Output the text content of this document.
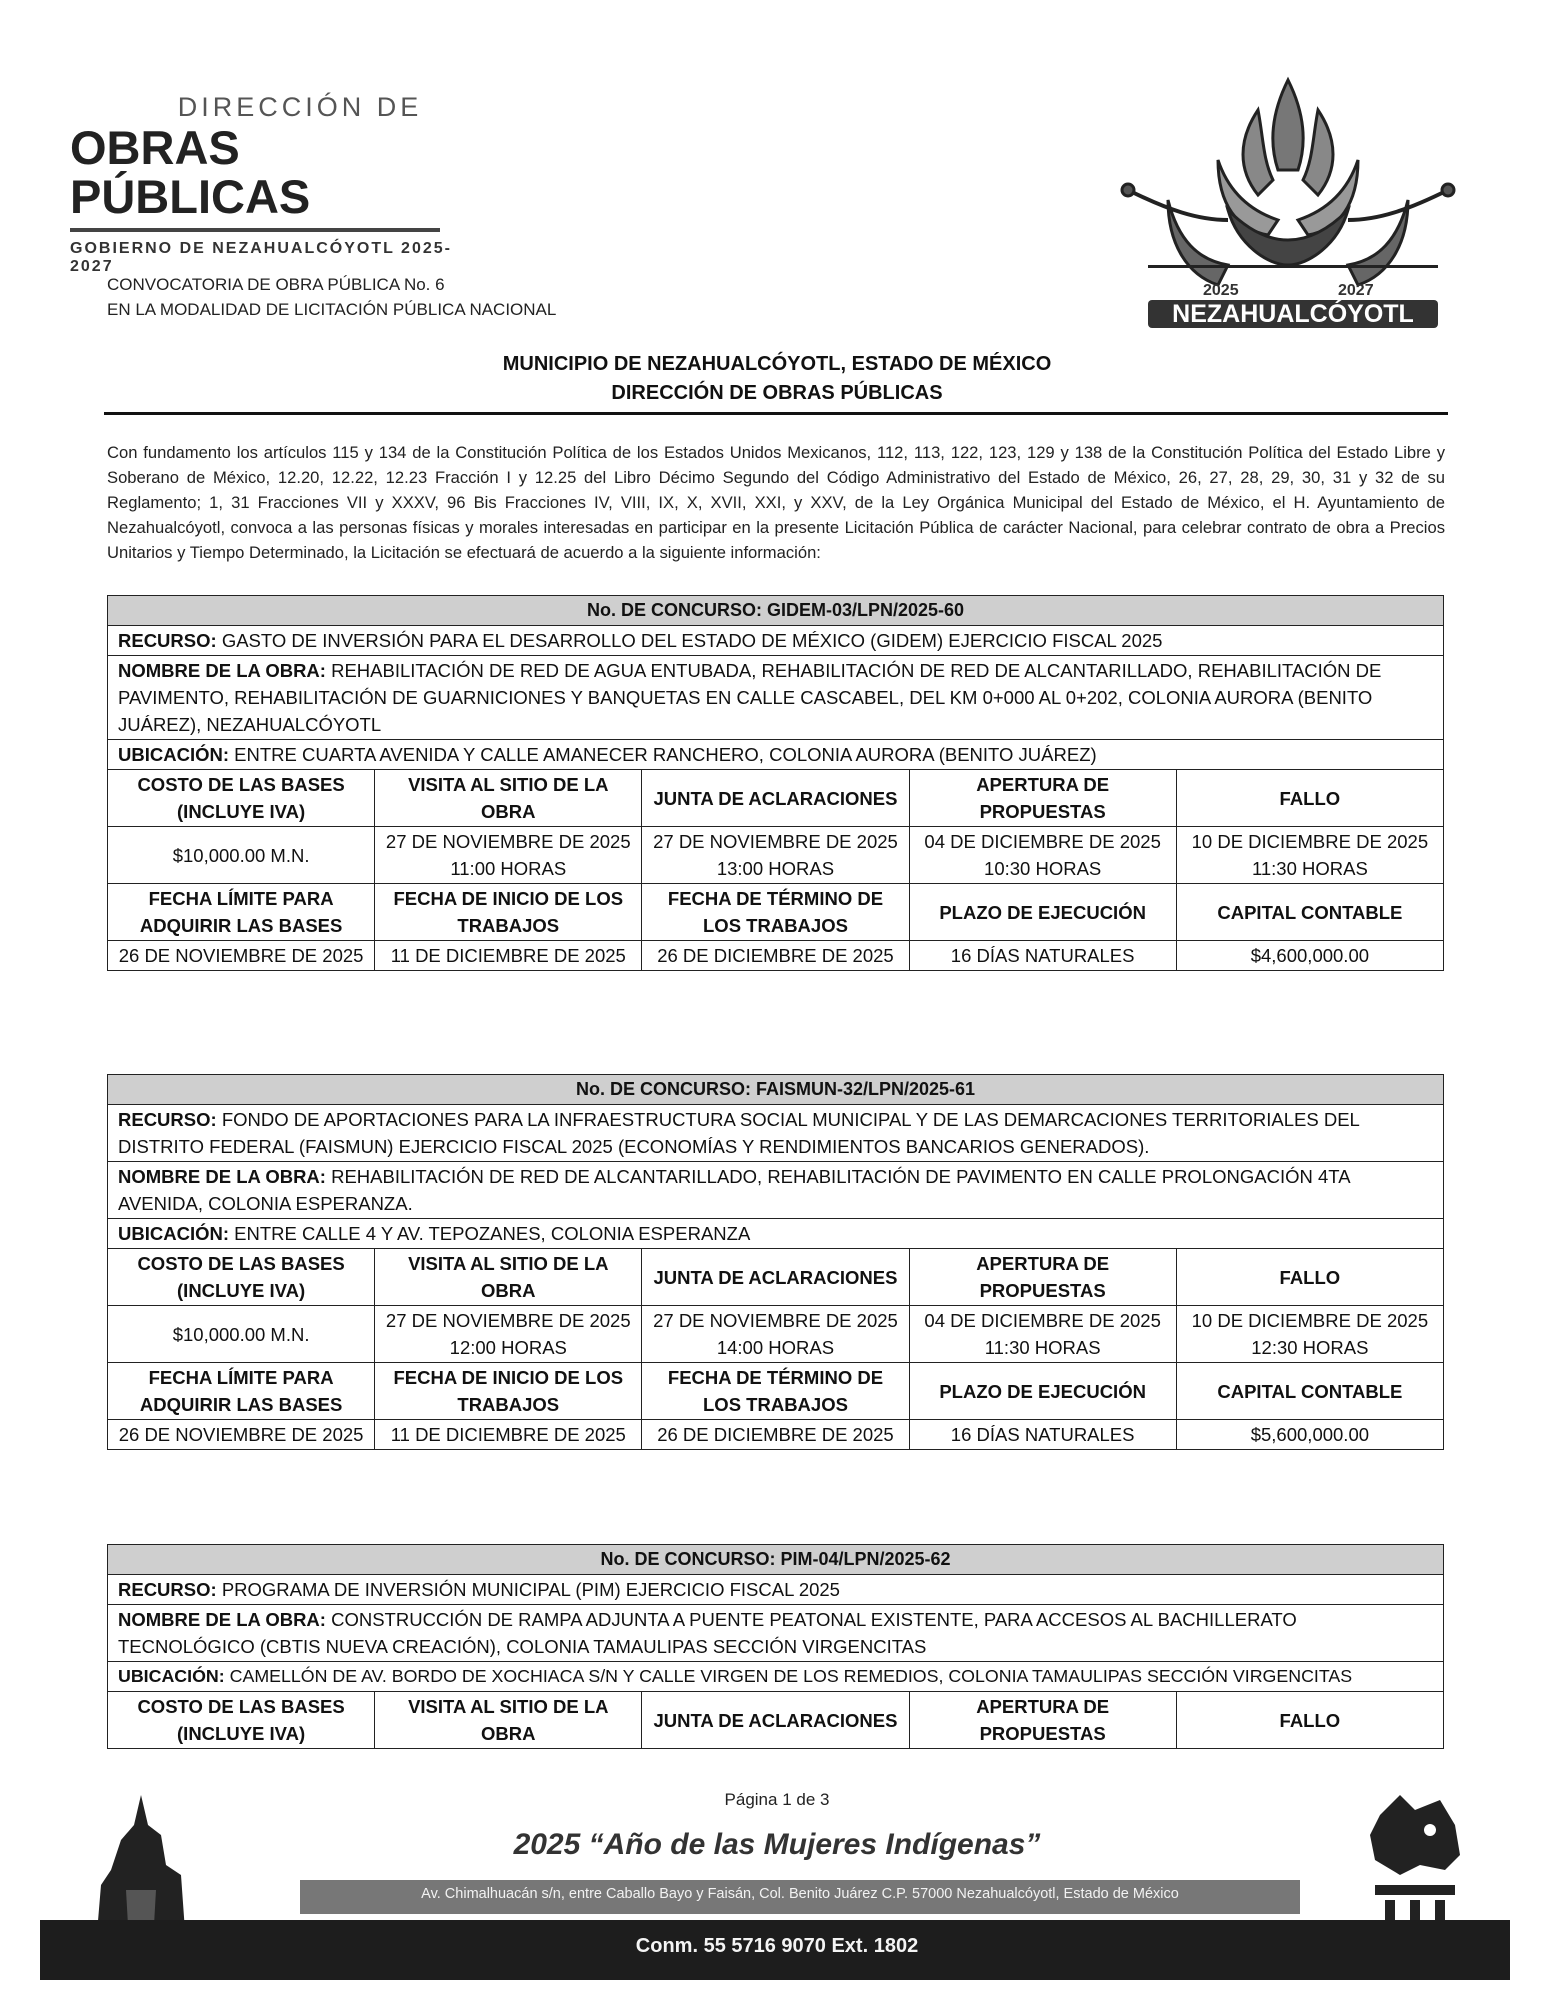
DIRECCIÓN DE
OBRAS PÚBLICAS
GOBIERNO DE NEZAHUALCÓYOTL 2025-2027
2025	2027
NEZAHUALCÓYOTL
CONVOCATORIA DE OBRA PÚBLICA No. 6
EN LA MODALIDAD DE LICITACIÓN PÚBLICA NACIONAL
MUNICIPIO DE NEZAHUALCÓYOTL, ESTADO DE MÉXICO
DIRECCIÓN DE OBRAS PÚBLICAS
Con fundamento los artículos 115 y 134 de la Constitución Política de los Estados Unidos Mexicanos, 112, 113, 122, 123, 129 y 138 de la Constitución Política del Estado Libre y Soberano de México, 12.20, 12.22, 12.23 Fracción I y 12.25 del Libro Décimo Segundo del Código Administrativo del Estado de México, 26, 27, 28, 29, 30, 31 y 32 de su Reglamento; 1, 31 Fracciones VII y XXXV, 96 Bis Fracciones IV, VIII, IX, X, XVII, XXI, y XXV, de la Ley Orgánica Municipal del Estado de México, el H. Ayuntamiento de Nezahualcóyotl, convoca a las personas físicas y morales interesadas en participar en la presente Licitación Pública de carácter Nacional, para celebrar contrato de obra a Precios Unitarios y Tiempo Determinado, la Licitación se efectuará de acuerdo a la siguiente información:
No. DE CONCURSO: GIDEM-03/LPN/2025-60				
RECURSO: GASTO DE INVERSIÓN PARA EL DESARROLLO DEL ESTADO DE MÉXICO (GIDEM) EJERCICIO FISCAL 2025				
NOMBRE DE LA OBRA: REHABILITACIÓN DE RED DE AGUA ENTUBADA, REHABILITACIÓN DE RED DE ALCANTARILLADO, REHABILITACIÓN DE PAVIMENTO, REHABILITACIÓN DE GUARNICIONES Y BANQUETAS EN CALLE CASCABEL, DEL KM 0+000 AL 0+202, COLONIA AURORA (BENITO JUÁREZ), NEZAHUALCÓYOTL				
UBICACIÓN: ENTRE CUARTA AVENIDA Y CALLE AMANECER RANCHERO, COLONIA AURORA (BENITO JUÁREZ)				
COSTO DE LAS BASES (INCLUYE IVA)	VISITA AL SITIO DE LA OBRA	JUNTA DE ACLARACIONES	APERTURA DE PROPUESTAS	FALLO
$10,000.00 M.N.	27 DE NOVIEMBRE DE 2025 11:00 HORAS	27 DE NOVIEMBRE DE 2025 13:00 HORAS	04 DE DICIEMBRE DE 2025 10:30 HORAS	10 DE DICIEMBRE DE 2025 11:30 HORAS
FECHA LÍMITE PARA ADQUIRIR LAS BASES	FECHA DE INICIO DE LOS TRABAJOS	FECHA DE TÉRMINO DE LOS TRABAJOS	PLAZO DE EJECUCIÓN	CAPITAL CONTABLE
26 DE NOVIEMBRE DE 2025	11 DE DICIEMBRE DE 2025	26 DE DICIEMBRE DE 2025	16 DÍAS NATURALES	$4,600,000.00
No. DE CONCURSO: FAISMUN-32/LPN/2025-61				
RECURSO: FONDO DE APORTACIONES PARA LA INFRAESTRUCTURA SOCIAL MUNICIPAL Y DE LAS DEMARCACIONES TERRITORIALES DEL DISTRITO FEDERAL (FAISMUN) EJERCICIO FISCAL 2025 (ECONOMÍAS Y RENDIMIENTOS BANCARIOS GENERADOS).				
NOMBRE DE LA OBRA: REHABILITACIÓN DE RED DE ALCANTARILLADO, REHABILITACIÓN DE PAVIMENTO EN CALLE PROLONGACIÓN 4TA AVENIDA, COLONIA ESPERANZA.				
UBICACIÓN: ENTRE CALLE 4 Y AV. TEPOZANES, COLONIA ESPERANZA				
COSTO DE LAS BASES (INCLUYE IVA)	VISITA AL SITIO DE LA OBRA	JUNTA DE ACLARACIONES	APERTURA DE PROPUESTAS	FALLO
$10,000.00 M.N.	27 DE NOVIEMBRE DE 2025 12:00 HORAS	27 DE NOVIEMBRE DE 2025 14:00 HORAS	04 DE DICIEMBRE DE 2025 11:30 HORAS	10 DE DICIEMBRE DE 2025 12:30 HORAS
FECHA LÍMITE PARA ADQUIRIR LAS BASES	FECHA DE INICIO DE LOS TRABAJOS	FECHA DE TÉRMINO DE LOS TRABAJOS	PLAZO DE EJECUCIÓN	CAPITAL CONTABLE
26 DE NOVIEMBRE DE 2025	11 DE DICIEMBRE DE 2025	26 DE DICIEMBRE DE 2025	16 DÍAS NATURALES	$5,600,000.00
No. DE CONCURSO: PIM-04/LPN/2025-62
RECURSO: PROGRAMA DE INVERSIÓN MUNICIPAL (PIM) EJERCICIO FISCAL 2025
NOMBRE DE LA OBRA: CONSTRUCCIÓN DE RAMPA ADJUNTA A PUENTE PEATONAL EXISTENTE, PARA ACCESOS AL BACHILLERATO TECNOLÓGICO (CBTIS NUEVA CREACIÓN), COLONIA TAMAULIPAS SECCIÓN VIRGENCITAS
UBICACIÓN: CAMELLÓN DE AV. BORDO DE XOCHIACA S/N Y CALLE VIRGEN DE LOS REMEDIOS, COLONIA TAMAULIPAS SECCIÓN VIRGENCITAS
COSTO DE LAS BASES (INCLUYE IVA)	VISITA AL SITIO DE LA OBRA	JUNTA DE ACLARACIONES	APERTURA DE PROPUESTAS	FALLO
Página 1 de 3
2025 “Año de las Mujeres Indígenas”
Av. Chimalhuacán s/n, entre Caballo Bayo y Faisán, Col. Benito Juárez C.P. 57000 Nezahualcóyotl, Estado de México
Conm. 55 5716 9070 Ext. 1802
